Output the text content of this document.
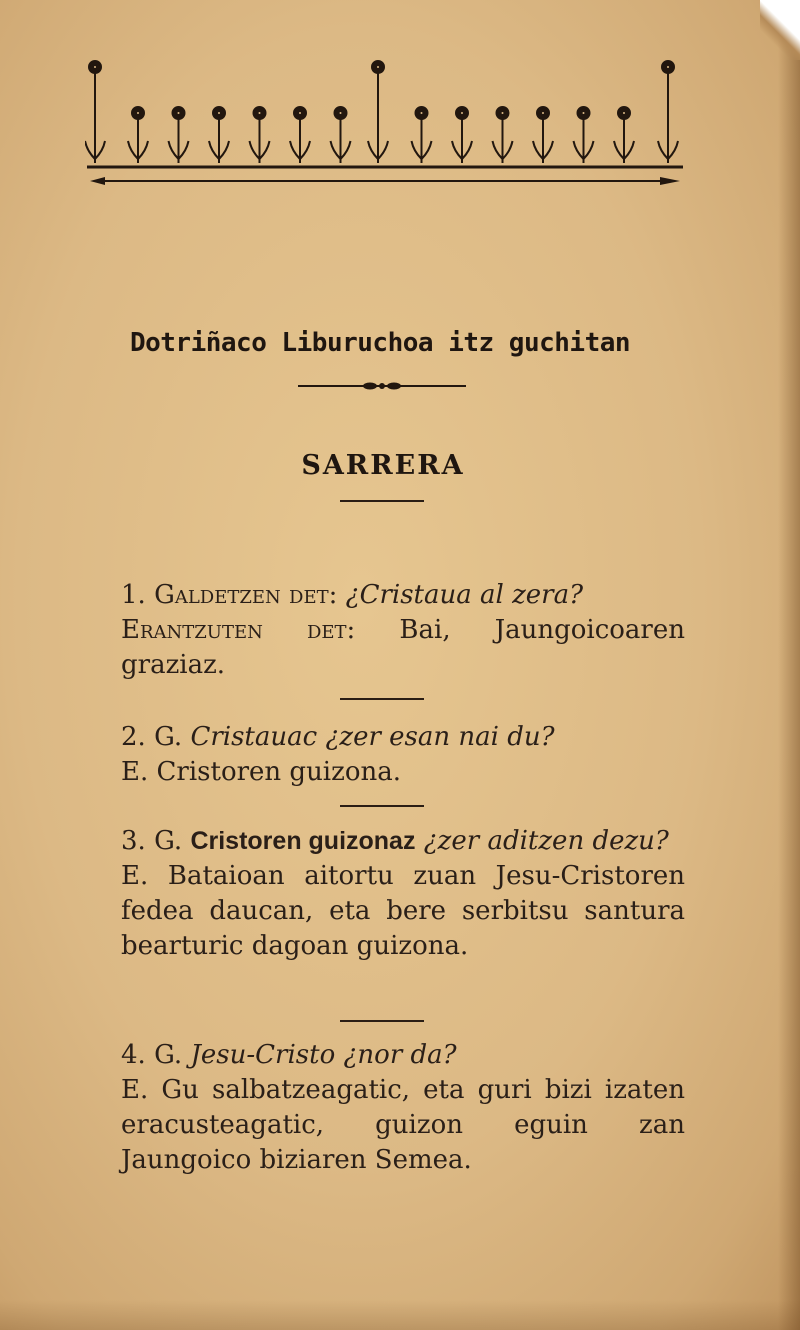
Dotriñaco Liburuchoa itz guchitan
SARRERA
1. Galdetzen det: ¿Cristaua al zera?
Erantzuten det: Bai, Jaungoicoaren graziaz.
2. G. Cristauac ¿zer esan nai du?
E. Cristoren guizona.
3. G. Cristoren guizonaz ¿zer aditzen dezu?
E. Bataioan aitortu zuan Jesu-Cristoren fedea daucan, eta bere serbitsu santura bearturic dagoan guizona.
4. G. Jesu-Cristo ¿nor da?
E. Gu salbatzeagatic, eta guri bizi izaten eracusteagatic, guizon eguin zan Jaungoico biziaren Semea.
